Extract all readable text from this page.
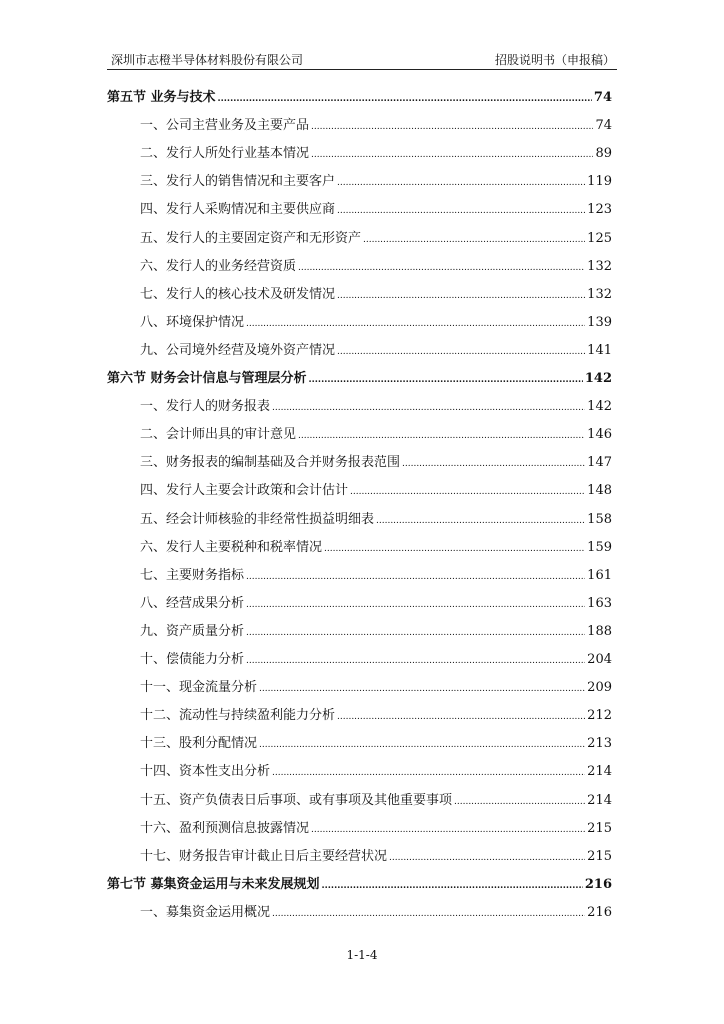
深圳市志橙半导体材料股份有限公司	招股说明书（申报稿）
第五节 业务与技术 .....	74
一、公司主营业务及主要产品 .....	74
二、发行人所处行业基本情况 .....	89
三、发行人的销售情况和主要客户 .....	119
四、发行人采购情况和主要供应商 .....	123
五、发行人的主要固定资产和无形资产 .....	125
六、发行人的业务经营资质 .....	132
七、发行人的核心技术及研发情况 .....	132
八、环境保护情况 .....	139
九、公司境外经营及境外资产情况 .....	141
第六节 财务会计信息与管理层分析 .....	142
一、发行人的财务报表 .....	142
二、会计师出具的审计意见 .....	146
三、财务报表的编制基础及合并财务报表范围 .....	147
四、发行人主要会计政策和会计估计 .....	148
五、经会计师核验的非经常性损益明细表 .....	158
六、发行人主要税种和税率情况 .....	159
七、主要财务指标 .....	161
八、经营成果分析 .....	163
九、资产质量分析 .....	188
十、偿债能力分析 .....	204
十一、现金流量分析 .....	209
十二、流动性与持续盈利能力分析 .....	212
十三、股利分配情况 .....	213
十四、资本性支出分析 .....	214
十五、资产负债表日后事项、或有事项及其他重要事项 .....	214
十六、盈利预测信息披露情况 .....	215
十七、财务报告审计截止日后主要经营状况 .....	215
第七节 募集资金运用与未来发展规划 .....	216
一、募集资金运用概况 .....	216
1-1-4
